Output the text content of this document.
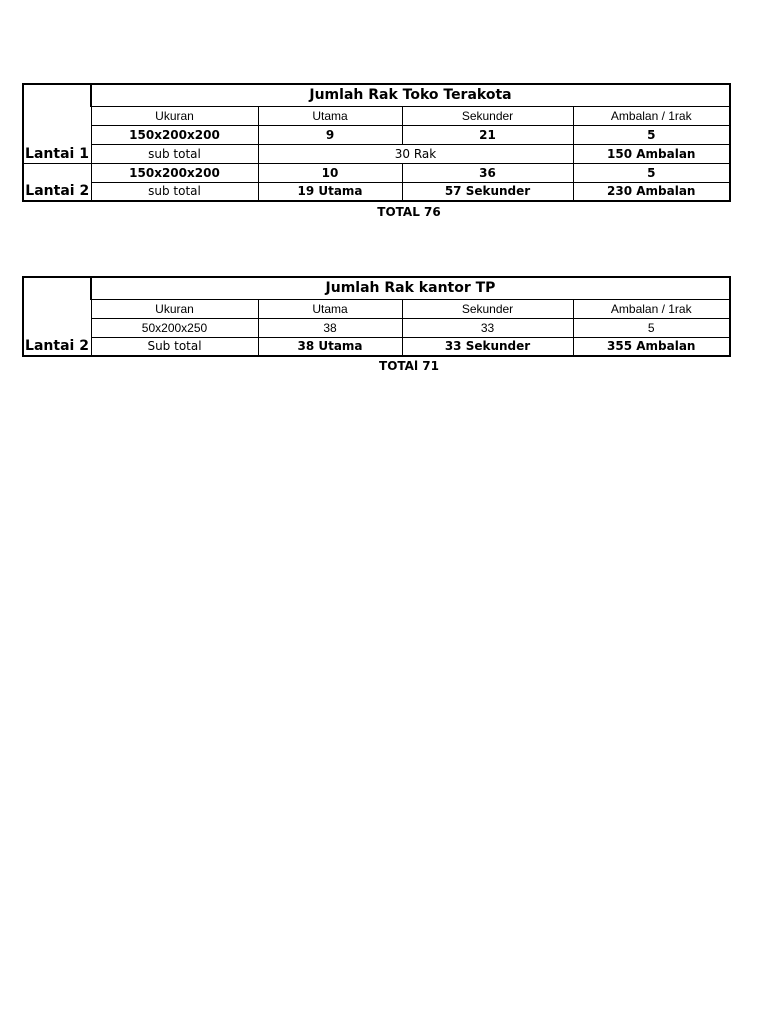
Lantai 1	Jumlah Rak Toko Terakota			
	Ukuran	Utama	Sekunder	Ambalan / 1rak
	150x200x200	9	21	5
	sub total	30 Rak		150 Ambalan
Lantai 2	150x200x200	10	36	5
	sub total	19 Utama	57 Sekunder	230 Ambalan
TOTAL 76
Lantai 2	Jumlah Rak kantor TP			
	Ukuran	Utama	Sekunder	Ambalan / 1rak
	50x200x250	38	33	5
	Sub total	38 Utama	33 Sekunder	355 Ambalan
TOTAl 71
